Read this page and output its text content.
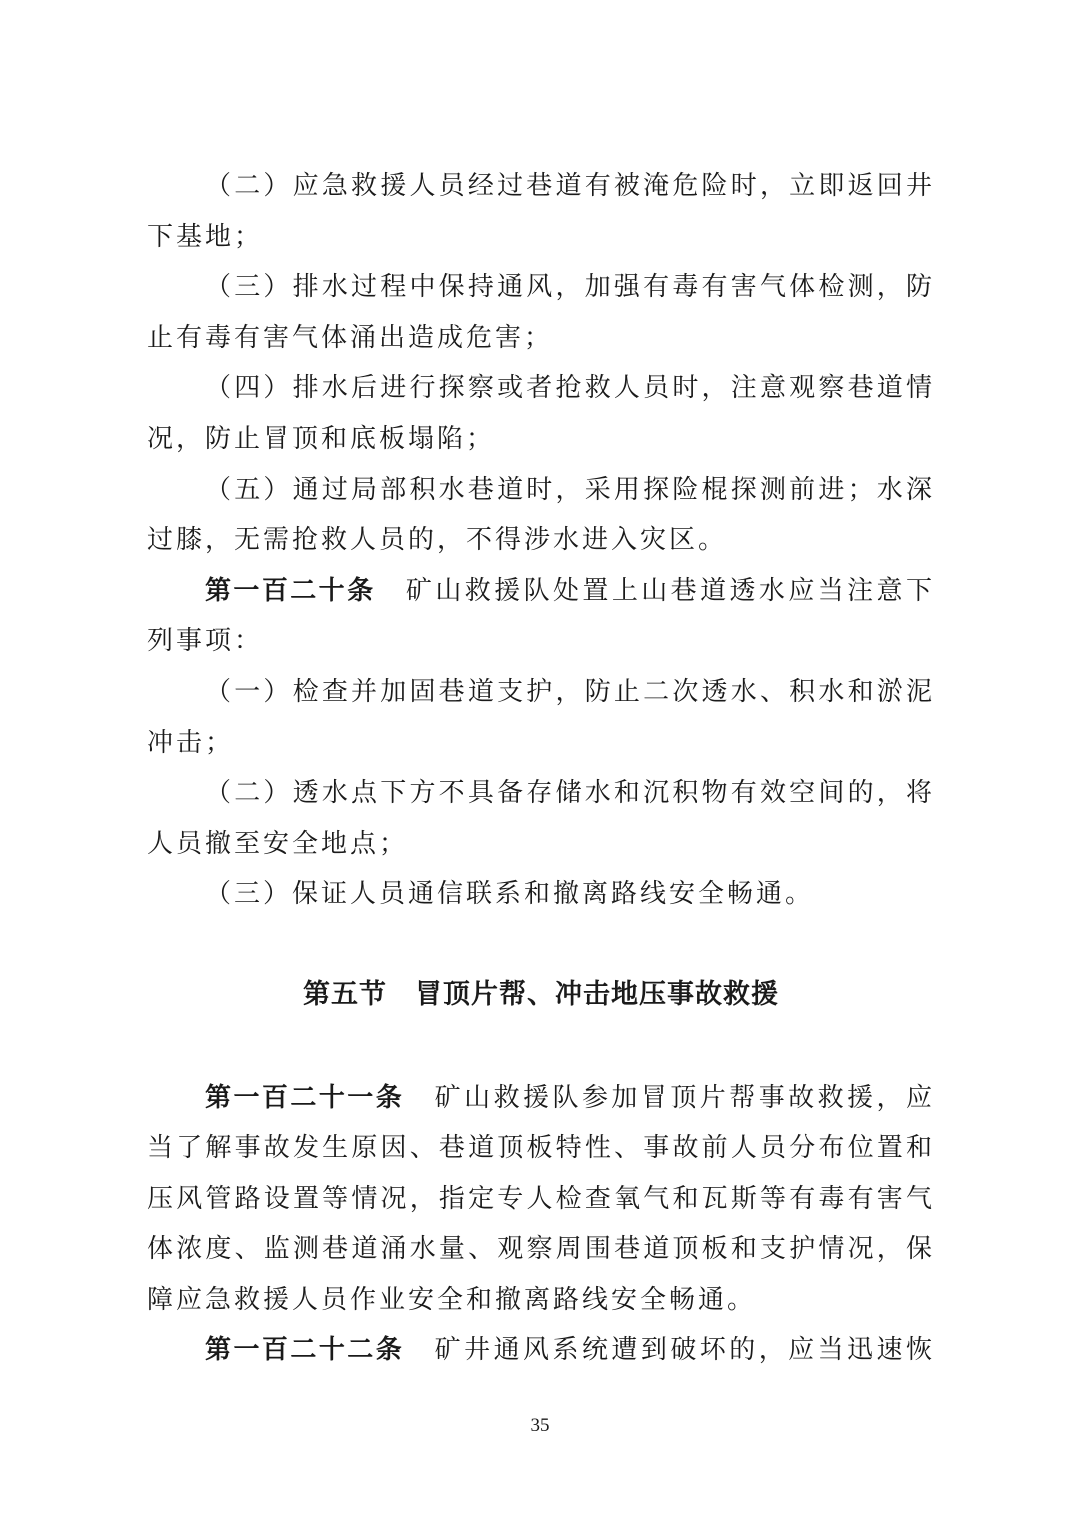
（二）应急救援人员经过巷道有被淹危险时，立即返回井
下基地；
（三）排水过程中保持通风，加强有毒有害气体检测，防
止有毒有害气体涌出造成危害；
（四）排水后进行探察或者抢救人员时，注意观察巷道情
况，防止冒顶和底板塌陷；
（五）通过局部积水巷道时，采用探险棍探测前进；水深
过膝，无需抢救人员的，不得涉水进入灾区。
第一百二十条 矿山救援队处置上山巷道透水应当注意下
列事项：
（一）检查并加固巷道支护，防止二次透水、积水和淤泥
冲击；
（二）透水点下方不具备存储水和沉积物有效空间的，将
人员撤至安全地点；
（三）保证人员通信联系和撤离路线安全畅通。
第五节　冒顶片帮、冲击地压事故救援
第一百二十一条 矿山救援队参加冒顶片帮事故救援，应
当了解事故发生原因、巷道顶板特性、事故前人员分布位置和
压风管路设置等情况，指定专人检查氧气和瓦斯等有毒有害气
体浓度、监测巷道涌水量、观察周围巷道顶板和支护情况，保
障应急救援人员作业安全和撤离路线安全畅通。
第一百二十二条 矿井通风系统遭到破坏的，应当迅速恢
35
